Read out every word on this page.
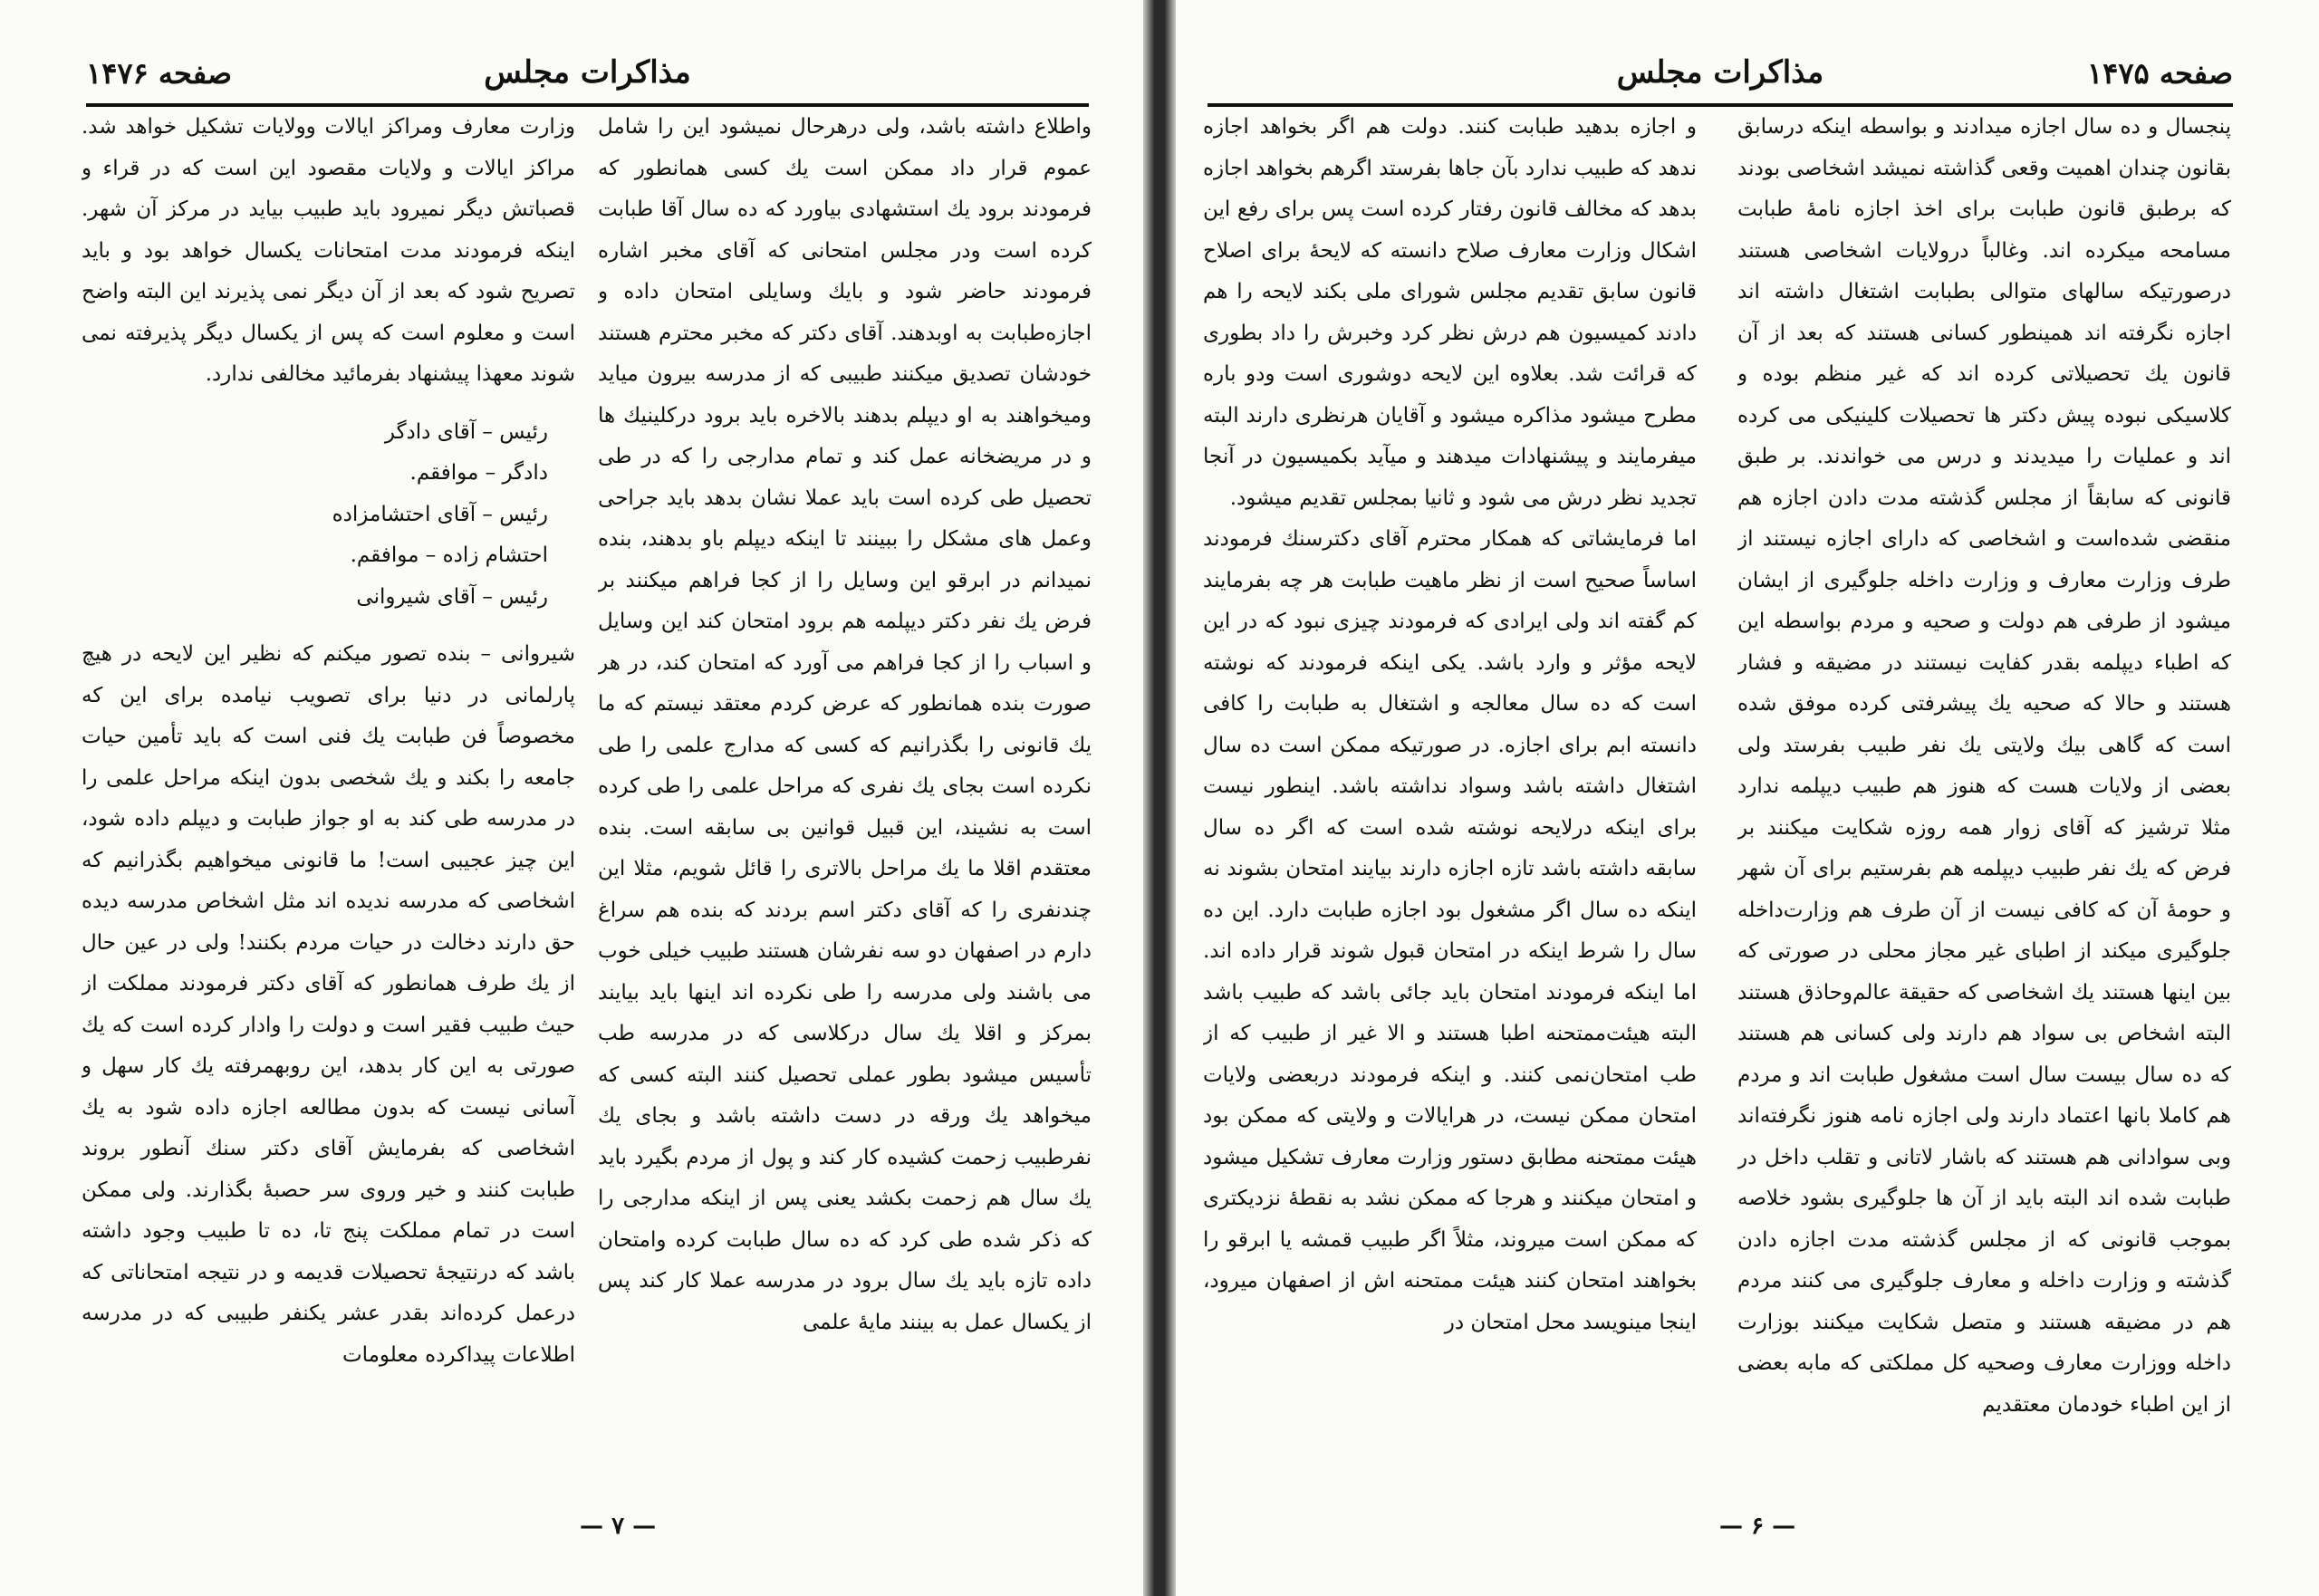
مذاکرات مجلس
صفحه ۱۴۷۶

واطلاع داشته باشد، ولی درهرحال نمیشود این را شامل عموم قرار داد ممکن است یك کسی همانطور که فرمودند برود یك استشهادی بیاورد که ده سال آقا طبابت کرده است ودر مجلس امتحانی که آقای مخبر اشاره فرمودند حاضر شود و بایك وسایلی امتحان داده و اجازه‌طبابت به اوبدهند. آقای دکتر که مخبر محترم هستند خودشان تصدیق میکنند طبیبی که از مدرسه بیرون میاید ومیخواهند به او دیپلم بدهند بالاخره باید برود درکلینیك ها و در مریضخانه عمل کند و تمام مدارجی را که در طی تحصیل طی کرده است باید عملا نشان بدهد باید جراحی وعمل های مشکل را ببینند تا اینکه دیپلم باو بدهند، بنده نمیدانم در ابرقو این وسایل را از کجا فراهم میکنند بر فرض یك نفر دکتر دیپلمه هم برود امتحان کند این وسایل و اسباب را از کجا فراهم می آورد که امتحان کند، در هر صورت بنده همانطور که عرض کردم معتقد نیستم که ما یك قانونی را بگذرانیم که کسی که مدارج علمی را طی نکرده است بجای یك نفری که مراحل علمی را طی کرده است به نشیند، این قبیل قوانین بی سابقه است. بنده معتقدم اقلا ما یك مراحل بالاتری را قائل شویم، مثلا این چندنفری را که آقای دکتر اسم بردند که بنده هم سراغ دارم در اصفهان دو سه نفرشان هستند طبیب خیلی خوب می باشند ولی مدرسه را طی نکرده اند اینها باید بیایند بمرکز و اقلا یك سال درکلاسی که در مدرسه طب تأسیس میشود بطور عملی تحصیل کنند البته کسی که میخواهد یك ورقه در دست داشته باشد و بجای یك نفرطبیب زحمت کشیده کار کند و پول از مردم بگیرد باید یك سال هم زحمت بکشد یعنی پس از اینکه مدارجی را که ذکر شده طی کرد که ده سال طبابت کرده وامتحان داده تازه باید یك سال برود در مدرسه عملا کار کند پس از یکسال عمل به بینند مایهٔ علمی

وزارت معارف ومراکز ایالات وولایات تشکیل خواهد شد. مراکز ایالات و ولایات مقصود این است که در قراء و قصباتش دیگر نمیرود باید طبیب بیاید در مرکز آن شهر. اینکه فرمودند مدت امتحانات یکسال خواهد بود و باید تصریح شود که بعد از آن دیگر نمی پذیرند این البته واضح است و معلوم است که پس از یکسال دیگر پذیرفته نمی شوند معهذا پیشنهاد بفرمائید مخالفی ندارد.

رئیس – آقای دادگر

دادگر – موافقم.

رئیس – آقای احتشامزاده

احتشام زاده – موافقم.

رئیس – آقای شیروانی

شیروانی – بنده تصور میکنم که نظیر این لایحه در هیچ پارلمانی در دنیا برای تصویب نیامده برای این که مخصوصاً فن طبابت یك فنی است که باید تأمین حیات جامعه را بکند و یك شخصی بدون اینکه مراحل علمی را در مدرسه طی کند به او جواز طبابت و دیپلم داده شود، این چیز عجیبی است! ما قانونی میخواهیم بگذرانیم که اشخاصی که مدرسه ندیده اند مثل اشخاص مدرسه دیده حق دارند دخالت در حیات مردم بکنند! ولی در عین حال از یك طرف همانطور که آقای دکتر فرمودند مملکت از حیث طبیب فقیر است و دولت را وادار کرده است که یك صورتی به این کار بدهد، این روبهمرفته یك کار سهل و آسانی نیست که بدون مطالعه اجازه داده شود به یك اشخاصی که بفرمایش آقای دکتر سنك آنطور بروند طبابت کنند و خیر وروی سر حصبهٔ بگذارند. ولی ممکن است در تمام مملکت پنج تا، ده تا طبیب وجود داشته باشد که درنتیجهٔ تحصیلات قدیمه و در نتیجه امتحاناتی که درعمل کرده‌اند بقدر عشر یکنفر طبیبی که در مدرسه اطلاعات پیداکرده معلومات

— ۷ —
مذاکرات مجلس	صفحه ۱۴۷۵

پنجسال و ده سال اجازه میدادند و بواسطه اینکه درسابق بقانون چندان اهمیت وقعی گذاشته نمیشد اشخاصی بودند که برطبق قانون طبابت برای اخذ اجازه نامهٔ طبابت مسامحه میکرده اند. وغالباً درولایات اشخاصی هستند درصورتیکه سالهای متوالی بطبابت اشتغال داشته اند اجازه نگرفته اند همینطور کسانی هستند که بعد از آن قانون یك تحصیلاتی کرده اند که غیر منظم بوده و کلاسیکی نبوده پیش دکتر ها تحصیلات کلینیکی می کرده اند و عملیات را میدیدند و درس می خواندند. بر طبق قانونی که سابقاً از مجلس گذشته مدت دادن اجازه هم منقضی شده‌است و اشخاصی که دارای اجازه نیستند از طرف وزارت معارف و وزارت داخله جلوگیری از ایشان میشود از طرفی هم دولت و صحیه و مردم بواسطه این که اطباء دیپلمه بقدر کفایت نیستند در مضیقه و فشار هستند و حالا که صحیه یك پیشرفتی کرده موفق شده است که گاهی بیك ولایتی یك نفر طبیب بفرستد ولی بعضی از ولایات هست که هنوز هم طبیب دیپلمه ندارد مثلا ترشیز که آقای زوار همه روزه شکایت میکنند بر فرض که یك نفر طبیب دیپلمه هم بفرستیم برای آن شهر و حومهٔ آن که کافی نیست از آن طرف هم وزارت‌داخله جلوگیری میکند از اطبای غیر مجاز محلی در صورتی که بین اینها هستند یك اشخاصی که حقیقة عالم‌وحاذق هستند البته اشخاص بی سواد هم دارند ولی کسانی هم هستند که ده سال بیست سال است مشغول طبابت اند و مردم هم کاملا بانها اعتماد دارند ولی اجازه نامه هنوز نگرفته‌اند وبی سوادانی هم هستند که باشار لاتانی و تقلب داخل در طبابت شده اند البته باید از آن ها جلوگیری بشود خلاصه بموجب قانونی که از مجلس گذشته مدت اجازه دادن گذشته و وزارت داخله و معارف جلوگیری می کنند مردم هم در مضیقه هستند و متصل شکایت میکنند بوزارت داخله ووزارت معارف وصحیه کل مملکتی که مابه بعضی از این اطباء خودمان معتقدیم

و اجازه بدهید طبابت کنند. دولت هم اگر بخواهد اجازه ندهد که طبیب ندارد بآن جاها بفرستد اگرهم بخواهد اجازه بدهد که مخالف قانون رفتار کرده است پس برای رفع این اشکال وزارت معارف صلاح دانسته که لایحهٔ برای اصلاح قانون سابق تقدیم مجلس شورای ملی بکند لایحه را هم دادند کمیسیون هم درش نظر کرد وخبرش را داد بطوری که قرائت شد. بعلاوه این لایحه دوشوری است ودو باره مطرح میشود مذاکره میشود و آقایان هرنظری دارند البته میفرمایند و پیشنهادات میدهند و میآید بکمیسیون در آنجا تجدید نظر درش می شود و ثانیا بمجلس تقدیم میشود.

اما فرمایشاتی که همکار محترم آقای دکتر‌سنك فرمودند اساساً صحیح است از نظر ماهیت طبابت هر چه بفرمایند کم گفته اند ولی ایرادی که فرمودند چیزی نبود که در این لایحه مؤثر و وارد باشد. یکی اینکه فرمودند که نوشته است که ده سال معالجه و اشتغال به طبابت را کافی دانسته ابم برای اجازه. در صورتیکه ممکن است ده سال اشتغال داشته باشد وسواد نداشته باشد. اینطور نیست برای اینکه درلایحه نوشته شده است که اگر ده سال سابقه داشته باشد تازه اجازه دارند بیایند امتحان بشوند نه اینکه ده سال اگر مشغول بود اجازه طبابت دارد. این ده سال را شرط اینکه در امتحان قبول شوند قرار داده اند. اما اینکه فرمودند امتحان باید جائی باشد که طبیب باشد البته هیئت‌ممتحنه اطبا هستند و الا غیر از طبیب که از طب امتحان‌نمی کنند. و اینکه فرمودند دربعضی ولایات امتحان ممکن نیست، در هرایالات و ولایتی که ممکن بود هیئت ممتحنه مطابق دستور وزارت معارف تشکیل میشود و امتحان میکنند و هرجا که ممکن نشد به نقطهٔ نزدیکتری که ممکن است میروند، مثلاً اگر طبیب قمشه یا ابرقو را بخواهند امتحان کنند هیئت ممتحنه اش از اصفهان میرود، اینجا مینویسد محل امتحان در

— ۶ —
